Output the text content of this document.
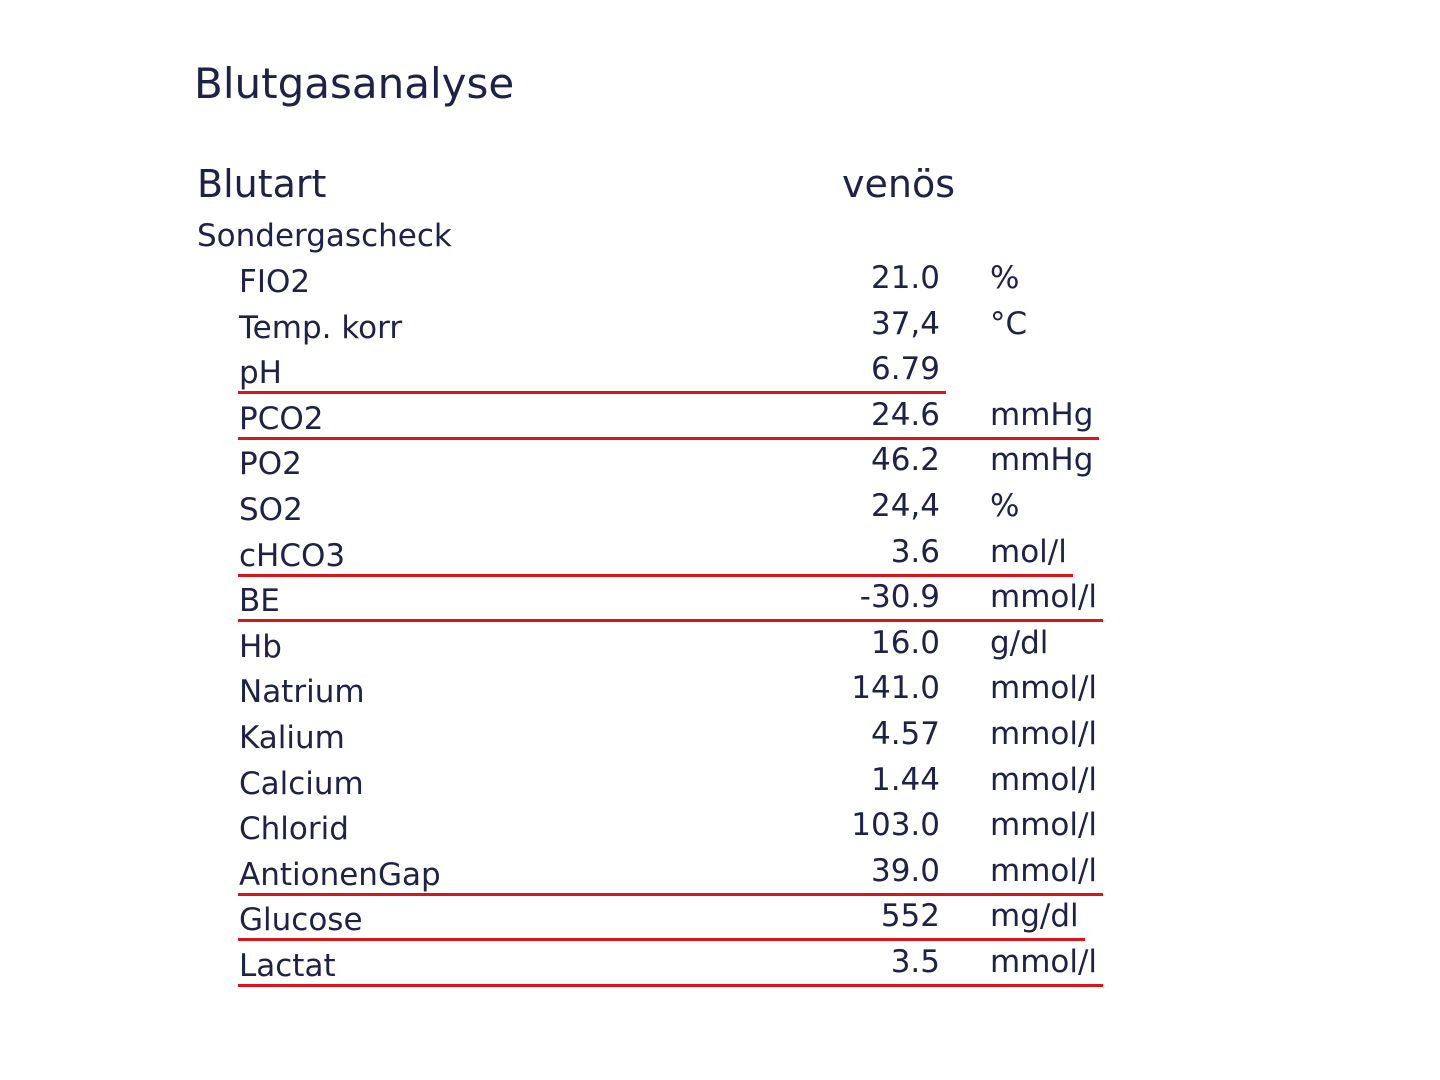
Blutgasanalyse
Blutart	venös
Sondergascheck
FIO2	21.0 %
Temp. korr	37,4 °C
pH	6.79
PCO2	24.6 mmHg
PO2	46.2 mmHg
SO2	24,4 %
cHCO3	3.6 mol/l
BE	-30.9 mmol/l
Hb	16.0 g/dl
Natrium	141.0 mmol/l
Kalium	4.57 mmol/l
Calcium	1.44 mmol/l
Chlorid	103.0 mmol/l
AntionenGap	39.0 mmol/l
Glucose	552 mg/dl
Lactat	3.5 mmol/l
